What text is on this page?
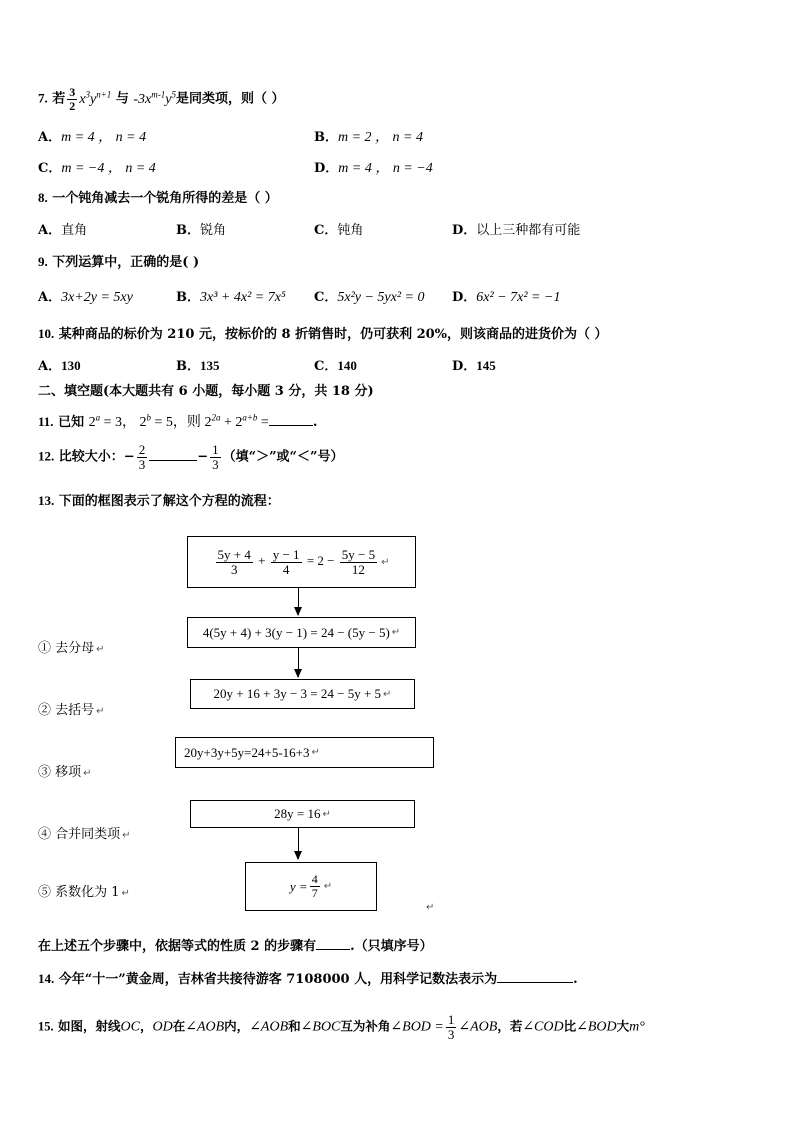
7. 若 $\frac{3}{2} x^3y^{n+1}$ 与 $-3x^{m-1}y^5$是同类项，则（ ）
A．m = 4 ， n = 4	B．m = 2 ， n = 4
C．m = −4 ， n = 4	D．m = 4 ， n = −4
8. 一个钝角减去一个锐角所得的差是（ ）
A．直角	B．锐角	C．钝角	D．以上三种都有可能
9. 下列运算中，正确的是( )
A．3x+2y = 5xy	B．3x³ + 4x² = 7x⁵ C．5x²y − 5yx² = 0 D．6x² − 7x² = −1
10. 某种商品的标价为 210 元，按标价的 8 折销售时，仍可获利 20%，则该商品的进货价为（ ）
A．130	B．135	C．140	D．145
二、填空题(本大题共有 6 小题，每小题 3 分，共 18 分)
11. 已知 $2^a = 3$， $2^b = 5$，则 $2^{2a} + 2^{a+b}$ =	.
12. 比较大小：− $\frac{2}{3}$	− $\frac{1}{3}$ （填“＞”或“＜”号）
13. 下面的框图表示了解这个方程的流程：
$\frac{5y + 4}{3} + \frac{y - 1}{4} = 2 - \frac{5y - 5}{12}$ ↵
4(5y + 4) + 3(y − 1) = 24 − (5y − 5) ↵
① 去分母 ↵
20y + 16 + 3y − 3 = 24 − 5y + 5 ↵
② 去括号 ↵
20y+3y+5y=24+5-16+3 ↵
③ 移项 ↵
28y = 16 ↵
④ 合并同类项 ↵
$y = \frac{4}{7}$ ↵
⑤ 系数化为 1 ↵
↵
在上述五个步骤中，依据等式的性质 2 的步骤有	.（只填序号）
14. 今年“十一”黄金周，吉林省共接待游客 7108000 人，用科学记数法表示为	.
15. 如图，射线OC，OD在∠AOB内，∠AOB和∠BOC互为补角∠BOD = $\frac{1}{3}$ ∠AOB，若∠COD比∠BOD大m°
